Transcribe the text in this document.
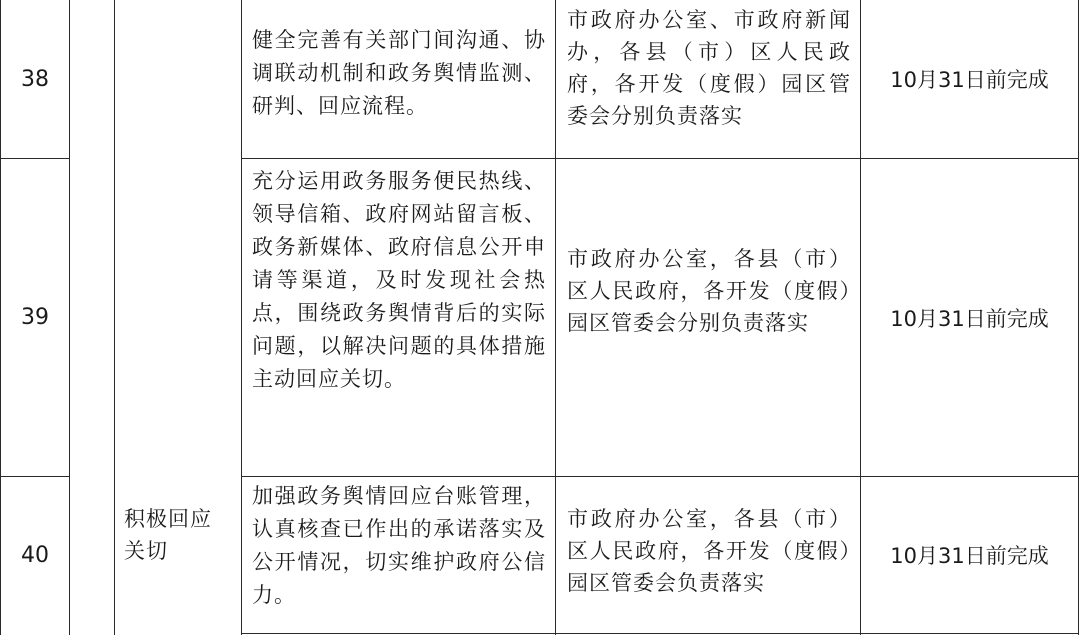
38
健全完善有关部门间沟通、协调联动机制和政务舆情监测、研判、回应流程。
市政府办公室、市政府新闻办，各县（市）区人民政府，各开发（度假）园区管委会分别负责落实
10月31日前完成
39
充分运用政务服务便民热线、领导信箱、政府网站留言板、政务新媒体、政府信息公开申请等渠道，及时发现社会热点，围绕政务舆情背后的实际问题，以解决问题的具体措施主动回应关切。
市政府办公室，各县（市）区人民政府，各开发（度假）园区管委会分别负责落实	10月31日前完成
40
积极回应关切
加强政务舆情回应台账管理，认真核查已作出的承诺落实及公开情况，切实维护政府公信力。
市政府办公室，各县（市）区人民政府，各开发（度假）园区管委会负责落实
10月31日前完成
